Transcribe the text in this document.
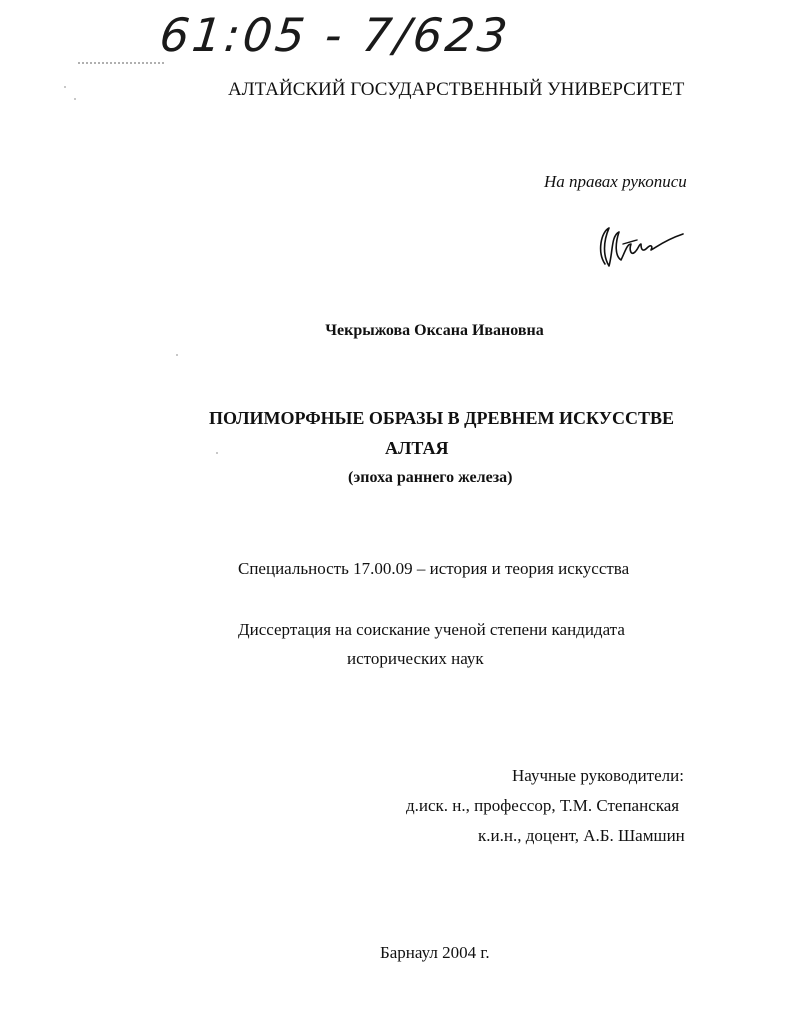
61:05 - 7/623
АЛТАЙСКИЙ ГОСУДАРСТВЕННЫЙ УНИВЕРСИТЕТ
На правах рукописи
Чекрыжова Оксана Ивановна
ПОЛИМОРФНЫЕ ОБРАЗЫ В ДРЕВНЕМ ИСКУССТВЕ
АЛТАЯ
(эпоха раннего железа)
Специальность 17.00.09 – история и теория искусства
Диссертация на соискание ученой степени кандидата
исторических наук
Научные руководители:
д.иск. н., профессор, Т.М. Степанская
к.и.н., доцент, А.Б. Шамшин
Барнаул 2004 г.
